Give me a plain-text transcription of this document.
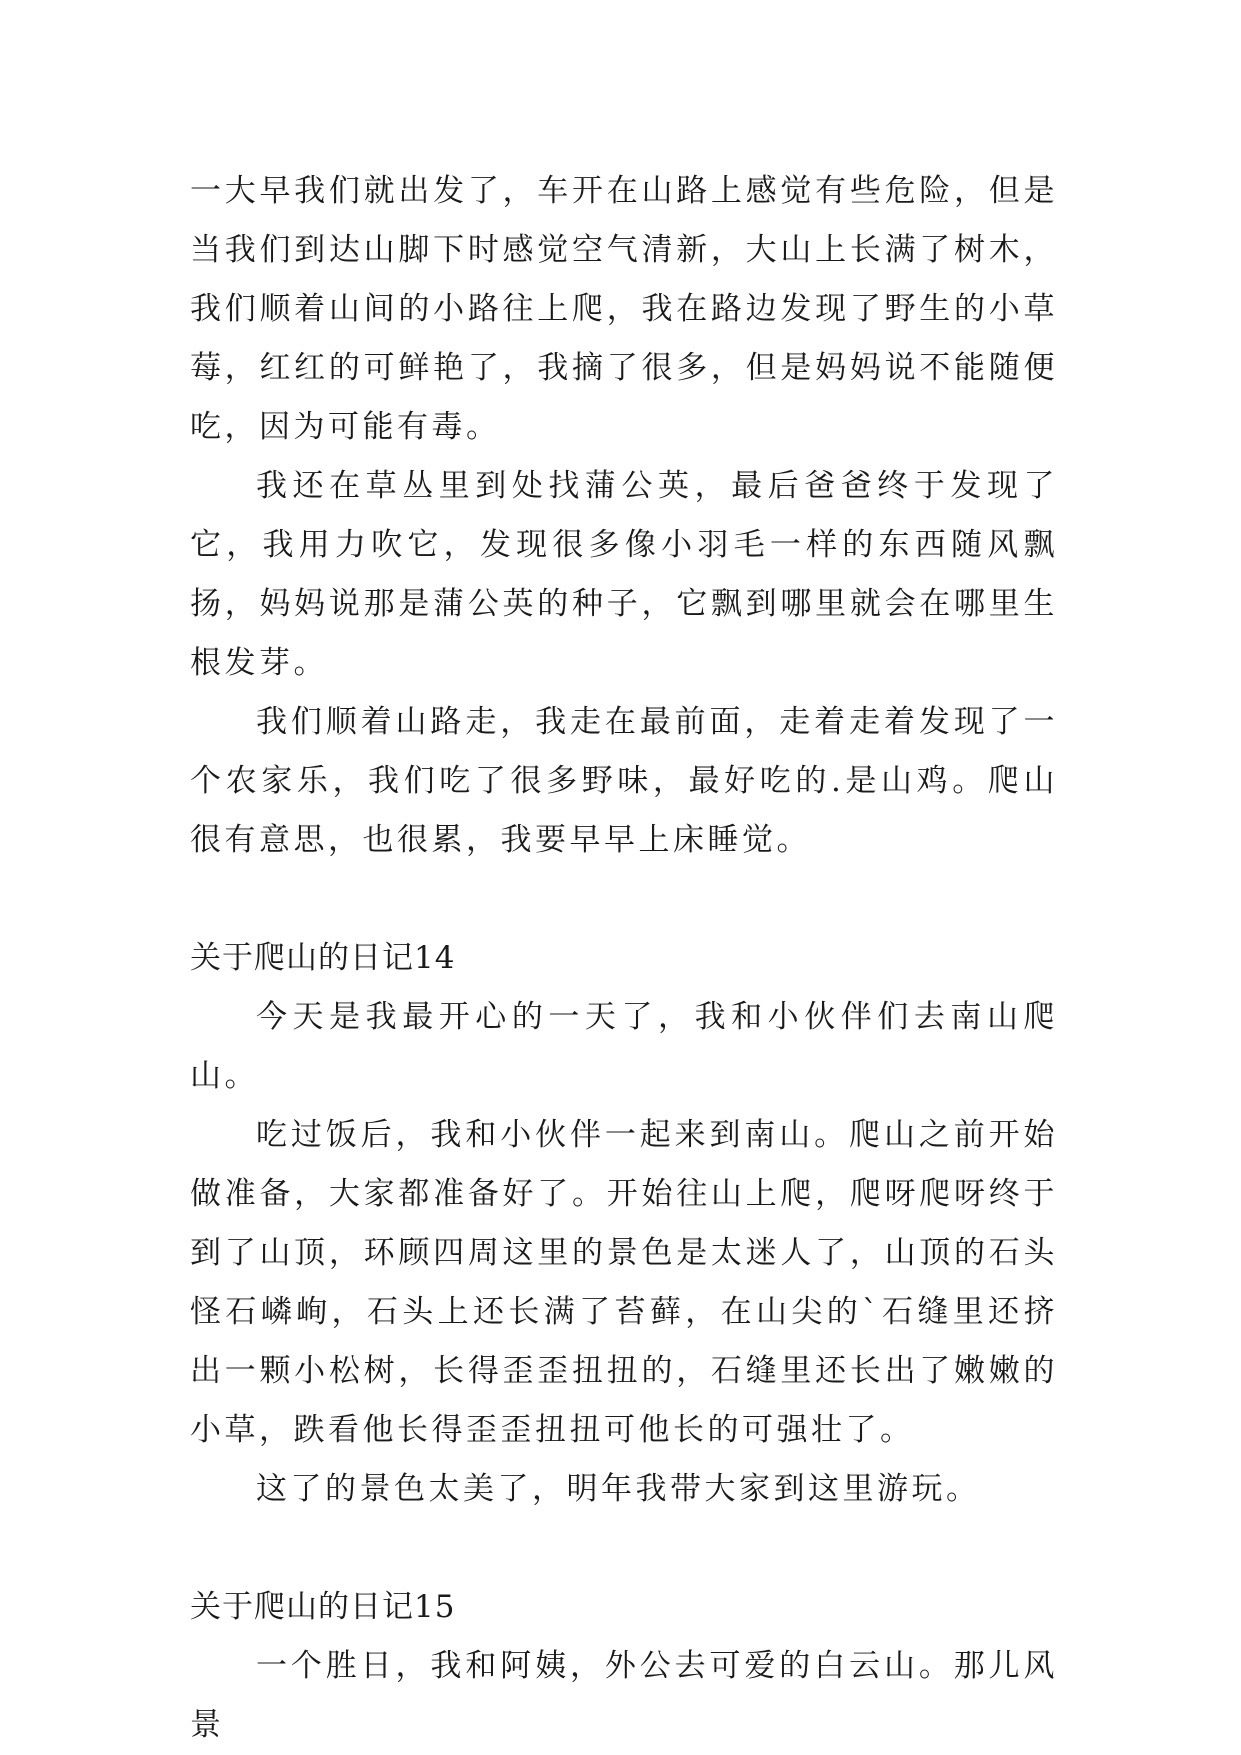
一大早我们就出发了，车开在山路上感觉有些危险，但是当我们到达山脚下时感觉空气清新，大山上长满了树木，我们顺着山间的小路往上爬，我在路边发现了野生的小草莓，红红的可鲜艳了，我摘了很多，但是妈妈说不能随便吃，因为可能有毒。

我还在草丛里到处找蒲公英，最后爸爸终于发现了它，我用力吹它，发现很多像小羽毛一样的东西随风飘扬，妈妈说那是蒲公英的种子，它飘到哪里就会在哪里生根发芽。

我们顺着山路走，我走在最前面，走着走着发现了一个农家乐，我们吃了很多野味，最好吃的.是山鸡。爬山很有意思，也很累，我要早早上床睡觉。

关于爬山的日记14

今天是我最开心的一天了，我和小伙伴们去南山爬山。

吃过饭后，我和小伙伴一起来到南山。爬山之前开始做准备，大家都准备好了。开始往山上爬，爬呀爬呀终于到了山顶，环顾四周这里的景色是太迷人了，山顶的石头怪石嶙峋，石头上还长满了苔藓，在山尖的`石缝里还挤出一颗小松树，长得歪歪扭扭的，石缝里还长出了嫩嫩的小草，跌看他长得歪歪扭扭可他长的可强壮了。

这了的景色太美了，明年我带大家到这里游玩。

关于爬山的日记15

一个胜日，我和阿姨，外公去可爱的白云山。那儿风景
